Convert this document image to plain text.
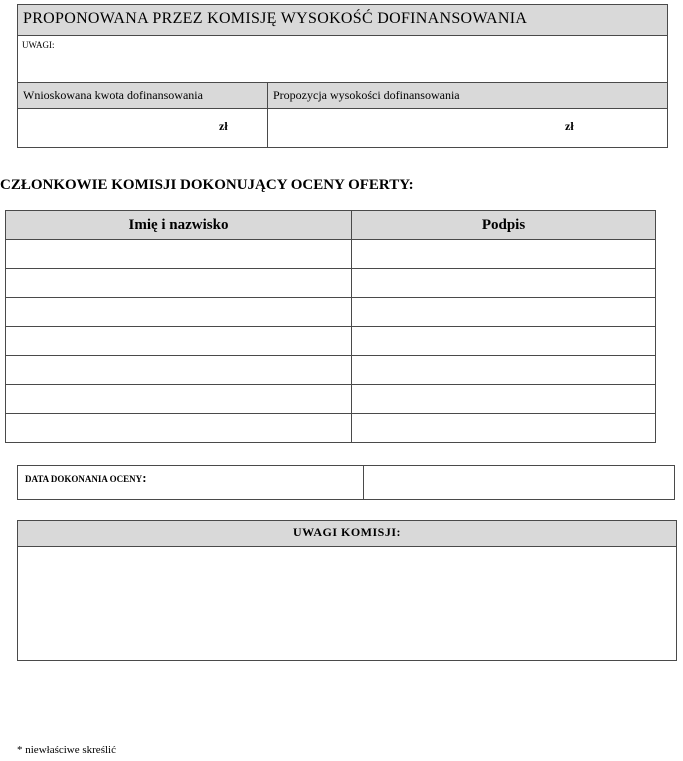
PROPONOWANA PRZEZ KOMISJĘ WYSOKOŚĆ DOFINANSOWANIA
UWAGI:
Wnioskowana kwota dofinansowania	Propozycja wysokości dofinansowania
zł	zł
CZŁONKOWIE KOMISJI DOKONUJĄCY OCENY OFERTY:
Imię i nazwisko	Podpis

DATA DOKONANIA OCENY:
UWAGI KOMISJI:
* niewłaściwe skreślić
